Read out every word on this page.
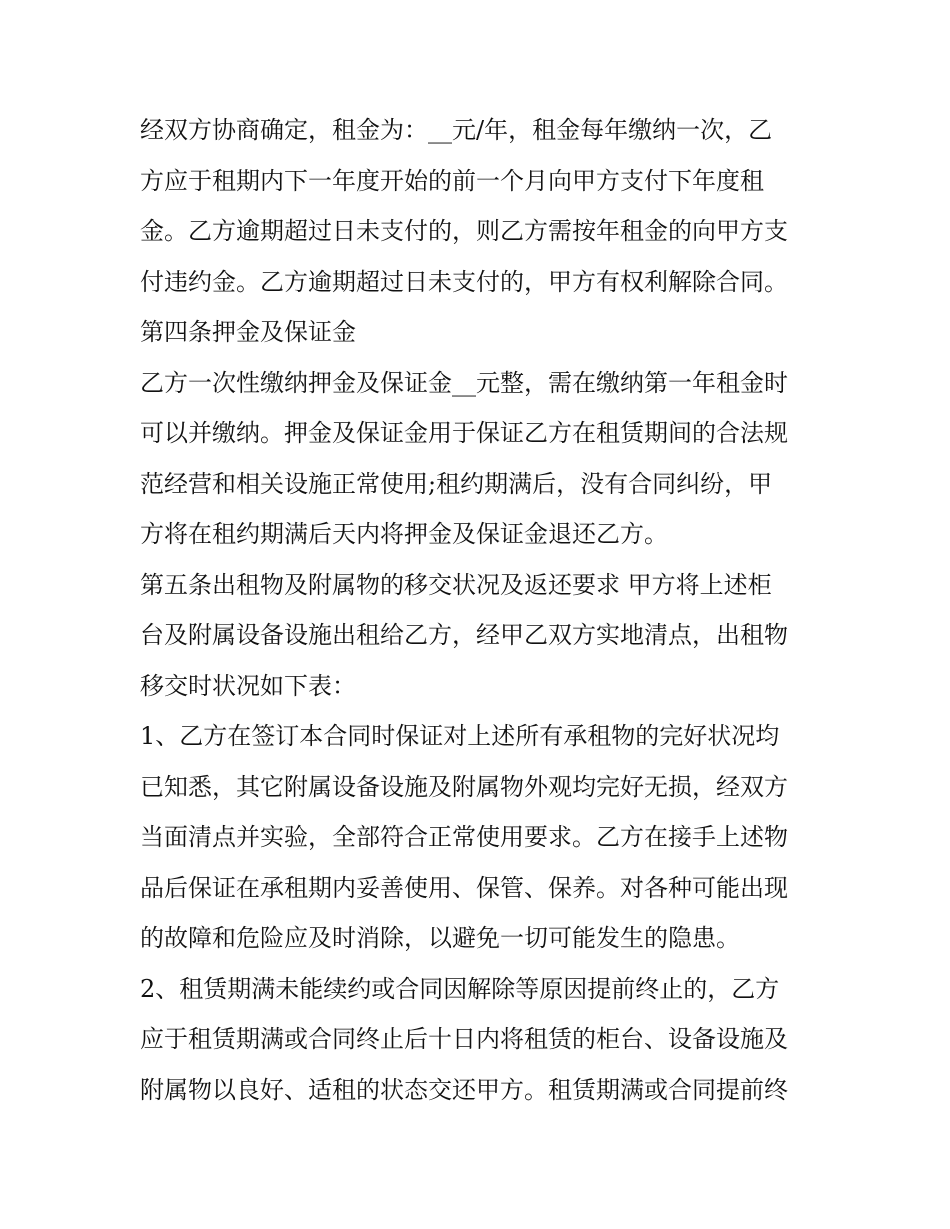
经双方协商确定，租金为：__元/年，租金每年缴纳一次，乙
方应于租期内下一年度开始的前一个月向甲方支付下年度租
金。乙方逾期超过日未支付的，则乙方需按年租金的向甲方支
付违约金。乙方逾期超过日未支付的，甲方有权利解除合同。
第四条押金及保证金
乙方一次性缴纳押金及保证金__元整，需在缴纳第一年租金时
可以并缴纳。押金及保证金用于保证乙方在租赁期间的合法规
范经营和相关设施正常使用;租约期满后，没有合同纠纷，甲
方将在租约期满后天内将押金及保证金退还乙方。
第五条出租物及附属物的移交状况及返还要求 甲方将上述柜
台及附属设备设施出租给乙方，经甲乙双方实地清点，出租物
移交时状况如下表：
1、乙方在签订本合同时保证对上述所有承租物的完好状况均
已知悉，其它附属设备设施及附属物外观均完好无损，经双方
当面清点并实验，全部符合正常使用要求。乙方在接手上述物
品后保证在承租期内妥善使用、保管、保养。对各种可能出现
的故障和危险应及时消除，以避免一切可能发生的隐患。
2、租赁期满未能续约或合同因解除等原因提前终止的，乙方
应于租赁期满或合同终止后十日内将租赁的柜台、设备设施及
附属物以良好、适租的状态交还甲方。租赁期满或合同提前终
